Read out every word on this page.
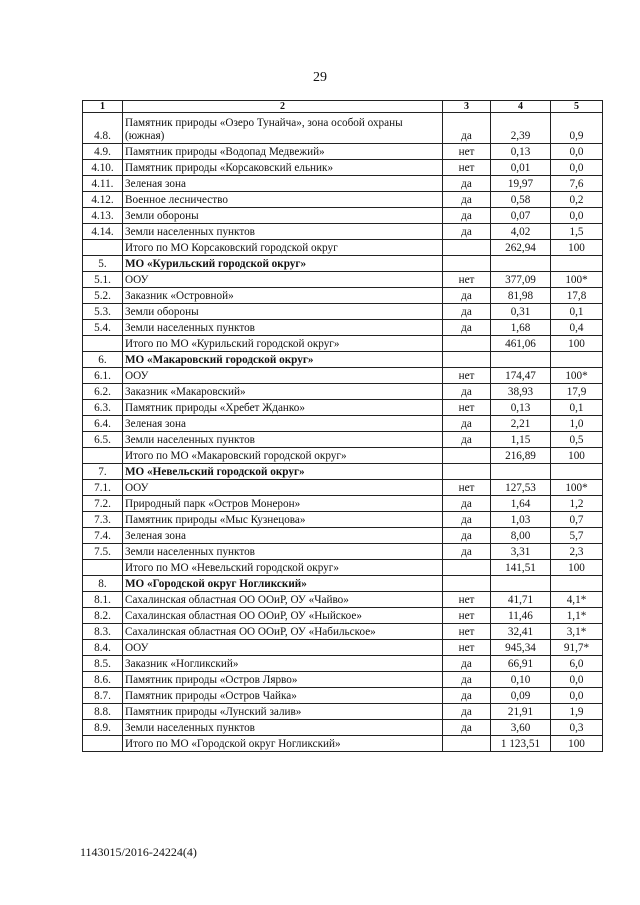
29
1	2	3	4	5
4.8.	Памятник природы «Озеро Тунайча», зона особой охраны (южная)	да	2,39	0,9
4.9.	Памятник природы «Водопад Медвежий»	нет	0,13	0,0
4.10.	Памятник природы «Корсаковский ельник»	нет	0,01	0,0
4.11.	Зеленая зона	да	19,97	7,6
4.12.	Военное лесничество	да	0,58	0,2
4.13.	Земли обороны	да	0,07	0,0
4.14.	Земли населенных пунктов	да	4,02	1,5
	Итого по МО Корсаковский городской округ		262,94	100
5.	МО «Курильский городской округ»			
5.1.	ООУ	нет	377,09	100*
5.2.	Заказник «Островной»	да	81,98	17,8
5.3.	Земли обороны	да	0,31	0,1
5.4.	Земли населенных пунктов	да	1,68	0,4
	Итого по МО «Курильский городской округ»		461,06	100
6.	МО «Макаровский городской округ»			
6.1.	ООУ	нет	174,47	100*
6.2.	Заказник «Макаровский»	да	38,93	17,9
6.3.	Памятник природы «Хребет Жданко»	нет	0,13	0,1
6.4.	Зеленая зона	да	2,21	1,0
6.5.	Земли населенных пунктов	да	1,15	0,5
	Итого по МО «Макаровский городской округ»		216,89	100
7.	МО «Невельский городской округ»			
7.1.	ООУ	нет	127,53	100*
7.2.	Природный парк «Остров Монерон»	да	1,64	1,2
7.3.	Памятник природы «Мыс Кузнецова»	да	1,03	0,7
7.4.	Зеленая зона	да	8,00	5,7
7.5.	Земли населенных пунктов	да	3,31	2,3
	Итого по МО «Невельский городской округ»		141,51	100
8.	МО «Городской округ Ногликский»			
8.1.	Сахалинская областная ОО ООиР, ОУ «Чайво»	нет	41,71	4,1*
8.2.	Сахалинская областная ОО ООиР, ОУ «Ныйское»	нет	11,46	1,1*
8.3.	Сахалинская областная ОО ООиР, ОУ «Набильское»	нет	32,41	3,1*
8.4.	ООУ	нет	945,34	91,7*
8.5.	Заказник «Ногликский»	да	66,91	6,0
8.6.	Памятник природы «Остров Лярво»	да	0,10	0,0
8.7.	Памятник природы «Остров Чайка»	да	0,09	0,0
8.8.	Памятник природы «Лунский залив»	да	21,91	1,9
8.9.	Земли населенных пунктов	да	3,60	0,3
	Итого по МО «Городской округ Ногликский»		1 123,51	100
1143015/2016-24224(4)
